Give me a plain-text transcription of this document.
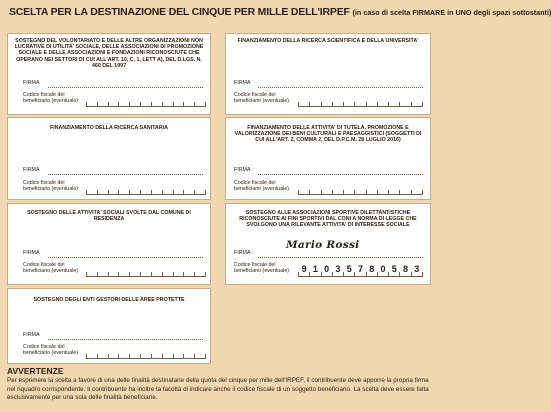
SCELTA PER LA DESTINAZIONE DEL CINQUE PER MILLE DELL'IRPEF (in caso di scelta FIRMARE in UNO degli spazi sottostanti)
SOSTEGNO DEL VOLONTARIATO E DELLE ALTRE ORGANIZZAZIONI NON LUCRATIVE DI UTILITA' SOCIALE, DELLE ASSOCIAZIONI DI PROMOZIONE SOCIALE E DELLE ASSOCIAZIONI E FONDAZIONI RICONOSCIUTE CHE OPERANO NEI SETTORI DI CUI ALL'ART. 10, C. 1, LETT A), DEL D.LGS. N. 460 DEL 1997
FIRMA
Codice fiscale del beneficiario (eventuale)
FINANZIAMENTO DELLA RICERCA SCIENTIFICA E DELLA UNIVERSITA'
FIRMA
Codice fiscale del beneficiario (eventuale)
FINANZIAMENTO DELLA RICERCA SANITARIA
FIRMA
Codice fiscale del beneficiario (eventuale)
FINANZIAMENTO DELLE ATTIVITA' DI TUTELA, PROMOZIONE E VALORIZZAZIONE DEI BENI CULTURALI E PAESAGGISTICI (SOGGETTI DI CUI ALL'ART. 2, COMMA 2, DEL D.P.C.M. 28 LUGLIO 2016)
FIRMA
Codice fiscale del beneficiario (eventuale)
SOSTEGNO DELLE ATTIVITA' SOCIALI SVOLTE DAL COMUNE DI RESIDENZA
FIRMA
Codice fiscale del beneficiario (eventuale)
SOSTEGNO ALLE ASSOCIAZIONI SPORTIVE DILETTANTISTICHE RICONOSCIUTE AI FINI SPORTIVI DAL CONI A NORMA DI LEGGE CHE SVOLGONO UNA RILEVANTE ATTIVITA' DI INTERESSE SOCIALE
FIRMA
Mario Rossi
Codice fiscale del beneficiario (eventuale)	9 1 0 3 5 7 8 0 5 8 3
SOSTEGNO DEGLI ENTI GESTORI DELLE AREE PROTETTE
FIRMA
Codice fiscale del beneficiario (eventuale)
AVVERTENZE
Per esprimere la scelta a favore di una delle finalità destinatarie della quota del cinque per mille dell'IRPEF, il contribuente deve apporre la propria firma nel riquadro corrispondente. Il contribuente ha inoltre la facoltà di indicare anche il codice fiscale di un soggetto beneficiario. La scelta deve essere fatta esclusivamente per una sola delle finalità beneficiarie.
